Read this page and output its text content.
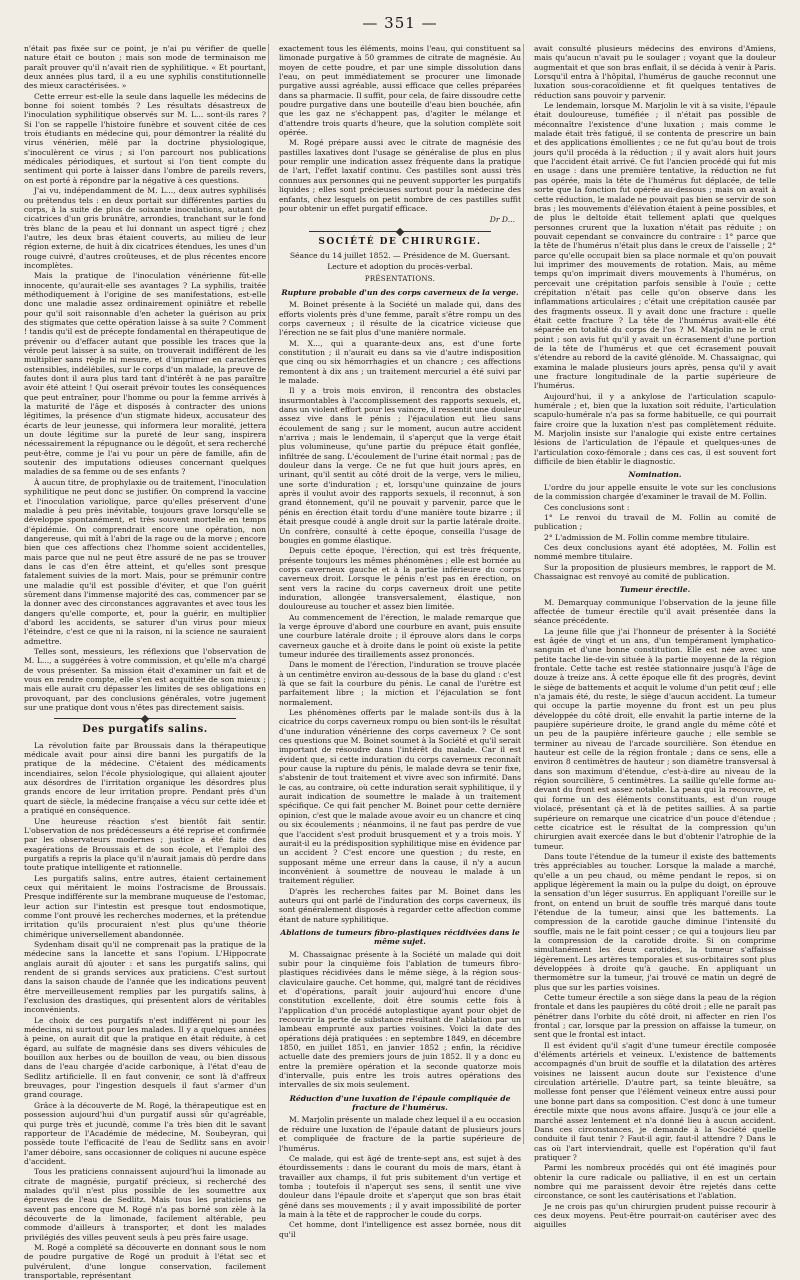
— 351 —

n'était pas fixée sur ce point, je n'ai pu vérifier de quelle nature était ce bouton ; mais son mode de terminaison me paraît prouver qu'il n'avait rien de syphilitique. « Et pourtant, deux années plus tard, il a eu une syphilis constitutionnelle des mieux caractérisées. »

Cette erreur est-elle la seule dans laquelle les médecins de bonne foi soient tombés ? Les résultats désastreux de l'inoculation syphilitique observés sur M. L... sont-ils rares ? Si l'on se rappelle l'histoire funèbre et souvent citée de ces trois étudiants en médecine qui, pour démontrer la réalité du virus vénérien, mêlé par la doctrine physiologique, s'inoculèrent ce virus ; si l'on parcourt nos publications médicales périodiques, et surtout si l'on tient compte du sentiment qui porte à laisser dans l'ombre de pareils revers, on est porté à répondre par la négative à ces questions.

J'ai vu, indépendamment de M. L..., deux autres syphilisés ou prétendus tels : en deux portait sur différentes parties du corps, à la suite de plus de soixante inoculations, autant de cicatrices d'un gris brunâtre, arrondies, tranchant sur le fond très blanc de la peau et lui donnant un aspect tigré ; chez l'autre, les deux bras étaient couverts, au milieu de leur région externe, de huit à dix cicatrices étendues, les unes d'un rouge cuivré, d'autres croûteuses, et de plus récentes encore incomplètes.

Mais la pratique de l'inoculation vénérienne fût-elle innocente, qu'aurait-elle ses avantages ? La syphilis, traitée méthodiquement à l'origine de ses manifestations, est-elle donc une maladie assez ordinairement opiniâtre et rebelle pour qu'il soit raisonnable d'en acheter la guérison au prix des stigmates que cette opération laisse à sa suite ? Comment ! tandis qu'il est de précepte fondamental en thérapeutique de prévenir ou d'effacer autant que possible les traces que la vérole peut laisser à sa suite, on trouverait indifférent de les multiplier sans règle ni mesure, et d'imprimer en caractères ostensibles, indélébiles, sur le corps d'un malade, la preuve de fautes dont il aura plus tard tant d'intérêt à ne pas paraître avoir été atteint ! Qui oserait prévoir toutes les conséquences que peut entraîner, pour l'homme ou pour la femme arrivés à la maturité de l'âge et disposés à contracter des unions légitimes, la présence d'un stigmate hideux, accusateur des écarts de leur jeunesse, qui informera leur moralité, jettera un doute légitime sur la pureté de leur sang, inspirera nécessairement la répugnance ou le dégoût, et sera recherché peut-être, comme je l'ai vu pour un père de famille, afin de soutenir des imputations odieuses concernant quelques maladies de sa femme ou de ses enfants ?

À aucun titre, de prophylaxie ou de traitement, l'inoculation syphilitique ne peut donc se justifier. On comprend la vaccine et l'inoculation variolique, parce qu'elles préservent d'une maladie à peu près inévitable, toujours grave lorsqu'elle se développe spontanément, et très souvent mortelle en temps d'épidémie. On comprendrait encore une opération, non dangereuse, qui mît à l'abri de la rage ou de la morve ; encore bien que ces affections chez l'homme soient accidentelles, mais parce que nul ne peut être assuré de ne pas se trouver dans le cas d'en être atteint, et qu'elles sont presque fatalement suivies de la mort. Mais, pour se prémunir contre une maladie qu'il est possible d'éviter, et que l'on guérit sûrement dans l'immense majorité des cas, commencer par se la donner avec des circonstances aggravantes et avec tous les dangers qu'elle comporte, et, pour la guérir, en multiplier d'abord les accidents, se saturer d'un virus pour mieux l'éteindre, c'est ce que ni la raison, ni la science ne sauraient admettre.

Telles sont, messieurs, les réflexions que l'observation de M. L..., a suggérées à votre commission, et qu'elle m'a chargé de vous présenter. Sa mission était d'examiner un fait et de vous en rendre compte, elle s'en est acquittée de son mieux ; mais elle aurait cru dépasser les limites de ses obligations en provoquant, par des conclusions générales, votre jugement sur une pratique dont vous n'êtes pas directement saisis.

Des purgatifs salins.

La révolution faite par Broussais dans la thérapeutique médicale avait pour ainsi dire banni les purgatifs de la pratique de la médecine. C'étaient des médicaments incendiaires, selon l'école physiologique, qui allaient ajouter aux désordres de l'irritation organique les désordres plus grands encore de leur irritation propre. Pendant près d'un quart de siècle, la médecine française a vécu sur cette idée et a pratiqué en conséquence.

Une heureuse réaction s'est bientôt fait sentir. L'observation de nos prédécesseurs a été reprise et confirmée par les observateurs modernes ; justice a été faite des exagérations de Broussais et de son école, et l'emploi des purgatifs a repris la place qu'il n'aurait jamais dû perdre dans toute pratique intelligente et rationnelle.

Les purgatifs salins, entre autres, étaient certainement ceux qui méritaient le moins l'ostracisme de Broussais. Presque indifférente sur la membrane muqueuse de l'estomac, leur action sur l'intestin est presque tout endosmotique, comme l'ont prouvé les recherches modernes, et la prétendue irritation qu'ils procuraient n'est plus qu'une théorie chimérique universellement abandonnée.

Sydenham disait qu'il ne comprenait pas la pratique de la médecine sans la lancette et sans l'opium. L'Hippocrate anglais aurait dû ajouter : et sans les purgatifs salins, qui rendent de si grands services aux praticiens. C'est surtout dans la saison chaude de l'année que les indications peuvent être merveilleusement remplies par les purgatifs salins, à l'exclusion des drastiques, qui présentent alors de véritables inconvénients.

Le choix de ces purgatifs n'est indifférent ni pour les médecins, ni surtout pour les malades. Il y a quelques années à peine, on aurait dit que la pratique en était réduite, à cet égard, au sulfate de magnésie dans ses divers véhicules de bouillon aux herbes ou de bouillon de veau, ou bien dissous dans de l'eau chargée d'acide carbonique, à l'état d'eau de Sedlitz artificielle. Il en faut convenir, ce sont là d'affreux breuvages, pour l'ingestion desquels il faut s'armer d'un grand courage.

Grâce à la découverte de M. Rogé, la thérapeutique est en possession aujourd'hui d'un purgatif aussi sûr qu'agréable, qui purge très et jucundè, comme l'a très bien dit le savant rapporteur de l'Académie de médecine, M. Soubeyran, qui possède toute l'efficacité de l'eau de Sedlitz sans en avoir l'amer déboire, sans occasionner de coliques ni aucune espèce d'accident.

Tous les praticiens connaissent aujourd'hui la limonade au citrate de magnésie, purgatif précieux, si recherché des malades qu'il n'est plus possible de les soumettre aux épreuves de l'eau de Sedlitz. Mais tous les praticiens ne savent pas encore que M. Rogé n'a pas borné son zèle à la découverte de la limonade, facilement altérable, peu commode d'ailleurs à transporter, et dont les malades privilégiés des villes peuvent seuls à peu près faire usage.

M. Rogé a complété sa découverte en donnant sous le nom de poudre purgative de Rogé un produit à l'état sec et pulvérulent, d'une longue conservation, facilement transportable, représentant

exactement tous les éléments, moins l'eau, qui constituent sa limonade purgative à 50 grammes de citrate de magnésie. Au moyen de cette poudre, et par une simple dissolution dans l'eau, on peut immédiatement se procurer une limonade purgative aussi agréable, aussi efficace que celles préparées dans sa pharmacie. Il suffit, pour cela, de faire dissoudre cette poudre purgative dans une bouteille d'eau bien bouchée, afin que les gaz ne s'échappent pas, d'agiter le mélange et d'attendre trois quarts d'heure, que la solution complète soit opérée.

M. Rogé prépare aussi avec le citrate de magnésie des pastilles laxatives dont l'usage se généralise de plus en plus pour remplir une indication assez fréquente dans la pratique de l'art, l'effet laxatif continu. Ces pastilles sont aussi très connues aux personnes qui ne peuvent supporter les purgatifs liquides ; elles sont précieuses surtout pour la médecine des enfants, chez lesquels on petit nombre de ces pastilles suffit pour obtenir un effet purgatif efficace.

Dr D...
SOCIÉTÉ DE CHIRURGIE.
Séance du 14 juillet 1852. — Présidence de M. Guersant.
Lecture et adoption du procès-verbal.
PRÉSENTATIONS.
Rupture probable d'un des corps caverneux de la verge.

M. Boinet présente à la Société un malade qui, dans des efforts violents près d'une femme, paraît s'être rompu un des corps caverneux ; il résulte de la cicatrice vicieuse que l'érection ne se fait plus d'une manière normale.

M. X..., qui a quarante-deux ans, est d'une forte constitution ; il n'aurait eu dans sa vie d'autre indisposition que cinq ou six hémorrhagies et un chancre ; ces affections remontent à dix ans ; un traitement mercuriel a été suivi par le malade.

Il y a trois mois environ, il rencontra des obstacles insurmontables à l'accomplissement des rapports sexuels, et, dans un violent effort pour les vaincre, il ressentit une douleur assez vive dans le pénis ; l'éjaculation eut lieu sans écoulement de sang ; sur le moment, aucun autre accident n'arriva ; mais le lendemain, il s'aperçut que la verge était plus volumineuse, qu'une partie du prépuce était gonflée, infiltrée de sang. L'écoulement de l'urine était normal ; pas de douleur dans la verge. Ce ne fut que huit jours après, en urinant, qu'il sentit au côté droit de la verge, vers le milieu, une sorte d'induration ; et, lorsqu'une quinzaine de jours après il voulut avoir des rapports sexuels, il reconnut, à son grand étonnement, qu'il ne pouvait y parvenir, parce que le pénis en érection était tordu d'une manière toute bizarre ; il était presque coudé à angle droit sur la partie latérale droite. Un confrère, consulté à cette époque, conseilla l'usage de bougies en gomme élastique.

Depuis cette époque, l'érection, qui est très fréquente, présente toujours les mêmes phénomènes ; elle est bornée au corps caverneux gauche et à la partie inférieure du corps caverneux droit. Lorsque le pénis n'est pas en érection, on sent vers la racine du corps caverneux droit une petite induration, allongée transversalement, élastique, non douloureuse au toucher et assez bien limitée.

Au commencement de l'érection, le malade remarque que la verge éprouve d'abord une courbure en avant, puis ensuite une courbure latérale droite ; il éprouve alors dans le corps caverneux gauche et à droite dans le point où existe la petite tumeur indurée des tiraillements assez prononcés.

Dans le moment de l'érection, l'induration se trouve placée à un centimètre environ au-dessous de la base du gland : c'est là que se fait la courbure du pénis. Le canal de l'urètre est parfaitement libre ; la miction et l'éjaculation se font normalement.

Les phénomènes offerts par le malade sont-ils dus à la cicatrice du corps caverneux rompu ou bien sont-ils le résultat d'une induration vénérienne des corps caverneux ? Ce sont ces questions que M. Boinet soumet à la Société et qu'il serait important de résoudre dans l'intérêt du malade. Car il est évident que, si cette induration du corps caverneux reconnaît pour cause la rupture du pénis, le malade devra se tenir fixe, s'abstenir de tout traitement et vivre avec son infirmité. Dans le cas, au contraire, où cette induration serait syphilitique, il y aurait indication de soumettre le malade à un traitement spécifique. Ce qui fait pencher M. Boinet pour cette dernière opinion, c'est que le malade avoue avoir eu un chancre et cinq ou six écoulements ; néanmoins, il ne faut pas perdre de vue que l'accident s'est produit brusquement et y a trois mois. Y aurait-il eu la prédisposition syphilitique mise en évidence par un accident ? C'est encore une question ; du reste, en supposant même une erreur dans la cause, il n'y a aucun inconvénient à soumettre de nouveau le malade à un traitement régulier.

D'après les recherches faites par M. Boinet dans les auteurs qui ont parlé de l'induration des corps caverneux, ils sont généralement disposés à regarder cette affection comme étant de nature syphilitique.

Ablations de tumeurs fibro-plastiques récidivées dans le même sujet.

M. Chassaignac présente à la Société un malade qui doit subir pour la cinquième fois l'ablation de tumeurs fibro-plastiques récidivées dans le même siège, à la région sous-claviculaire gauche. Cet homme, qui, malgré tant de récidives et d'opérations, paraît jouir aujourd'hui encore d'une constitution excellente, doit être soumis cette fois à l'application d'un procédé autoplastique ayant pour objet de recouvrir la perte de substance résultant de l'ablation par un lambeau emprunté aux parties voisines. Voici la date des opérations déjà pratiquées : en septembre 1849, en décembre 1850, en juillet 1851, en janvier 1852 ; enfin, la récidive actuelle date des premiers jours de juin 1852. Il y a donc eu entre la première opération et la seconde quatorze mois d'intervalle, puis entre les trois autres opérations des intervalles de six mois seulement.

Réduction d'une luxation de l'épaule compliquée de fracture de l'humérus.

M. Marjolin présente un malade chez lequel il a eu occasion de réduire une luxation de l'épaule datant de plusieurs jours et compliquée de fracture de la partie supérieure de l'humérus.

Ce malade, qui est âgé de trente-sept ans, est sujet à des étourdissements : dans le courant du mois de mars, étant à travailler aux champs, il fut pris subitement d'un vertige et tomba ; toutefois il n'aperçut ses sens, il sentit une vive douleur dans l'épaule droite et s'aperçut que son bras était gêné dans ses mouvements ; il y avait impossibilité de porter la main à la tête et de rapprocher le coude du corps.

Cet homme, dont l'intelligence est assez bornée, nous dit qu'il

avait consulté plusieurs médecins des environs d'Amiens, mais qu'aucun n'avait pu le soulager ; voyant que la douleur augmentait et que son bras enflait, il se décida à venir à Paris. Lorsqu'il entra à l'hôpital, l'humérus de gauche reconnut une luxation sous-coracoïdienne et fit quelques tentatives de réduction sans pouvoir y parvenir.

Le lendemain, lorsque M. Marjolin le vit à sa visite, l'épaule était douloureuse, tuméfiée ; il n'était pas possible de méconnaître l'existence d'une luxation ; mais comme le malade était très fatigué, il se contenta de prescrire un bain et des applications émollientes ; ce ne fut qu'au bout de trois jours qu'il procéda à la réduction ; il y avait alors huit jours que l'accident était arrivé. Ce fut l'ancien procédé qui fut mis en usage : dans une première tentative, la réduction ne fut pas opérée, mais la tête de l'humérus fut déplacée, de telle sorte que la fonction fut opérée au-dessous ; mais on avait à cette réduction, le malade ne pouvait pas bien se servir de son bras ; les mouvements d'élévation étaient à peine possibles, et de plus le deltoïde était tellement aplati que quelques personnes crurent que la luxation n'était pas réduite ; on pouvait cependant se convaincre du contraire : 1° parce que la tête de l'humérus n'était plus dans le creux de l'aisselle ; 2° parce qu'elle occupait bien sa place normale et qu'on pouvait lui imprimer des mouvements de rotation. Mais, au même temps qu'on imprimait divers mouvements à l'humérus, on percevait une crépitation parfois sensible à l'ouïe ; cette crépitation n'était pas celle qu'on observe dans les inflammations articulaires ; c'était une crépitation causée par des fragments osseux. Il y avait donc une fracture : quelle était cette fracture ? La tête de l'humérus avait-elle été séparée en totalité du corps de l'os ? M. Marjolin ne le crut point ; son avis fut qu'il y avait un écrasement d'une portion de la tête de l'humérus et que cet écrasement pouvait s'étendre au rebord de la cavité glénoïde. M. Chassaignac, qui examina le malade plusieurs jours après, pensa qu'il y avait une fracture longitudinale de la partie supérieure de l'humérus.

Aujourd'hui, il y a ankylose de l'articulation scapulo-humérale ; et, bien que la luxation soit réduite, l'articulation scapulo-humérale n'a pas sa forme habituelle, ce qui pourrait faire croire que la luxation n'est pas complètement réduite. M. Marjolin insiste sur l'analogie qui existe entre certaines lésions de l'articulation de l'épaule et quelques-unes de l'articulation coxo-fémorale ; dans ces cas, il est souvent fort difficile de bien établir le diagnostic.

Nomination.

L'ordre du jour appelle ensuite le vote sur les conclusions de la commission chargée d'examiner le travail de M. Follin.

Ces conclusions sont :

1° Le renvoi du travail de M. Follin au comité de publication ;

2° L'admission de M. Follin comme membre titulaire.

Ces deux conclusions ayant été adoptées, M. Follin est nommé membre titulaire.

Sur la proposition de plusieurs membres, le rapport de M. Chassaignac est renvoyé au comité de publication.

Tumeur érectile.

M. Demarquay communique l'observation de la jeune fille affectée de tumeur érectile qu'il avait présentée dans la séance précédente.

La jeune fille que j'ai l'honneur de présenter à la Société est âgée de vingt et un ans, d'un tempérament lymphatico-sanguin et d'une bonne constitution. Elle est née avec une petite tache lie-de-vin située à la partie moyenne de la région frontale. Cette tache est restée stationnaire jusqu'à l'âge de douze à treize ans. À cette époque elle fit des progrès, devint le siège de battements et acquit le volume d'un petit œuf ; elle n'a jamais été, du reste, le siège d'aucun accident. La tumeur qui occupe la partie moyenne du front est un peu plus développée du côté droit, elle envahit la partie interne de la paupière supérieure droite, le grand angle du même côté et un peu de la paupière inférieure gauche ; elle semble se terminer au niveau de l'arcade sourcilière. Son étendue en hauteur est celle de la région frontale ; dans ce sens, elle a environ 8 centimètres de hauteur ; son diamètre transversal à dans son maximum d'étendue, c'est-à-dire au niveau de la région sourcilière, 5 centimètres. La saillie qu'elle forme au-devant du front est assez notable. La peau qui la recouvre, et qui forme un des éléments constituants, est d'un rouge violacé, présentant çà et là de petites saillies. À sa partie supérieure on remarque une cicatrice d'un pouce d'étendue ; cette cicatrice est le résultat de la compression qu'un chirurgien avait exercée dans le but d'obtenir l'atrophie de la tumeur.

Dans toute l'étendue de la tumeur il existe des battements très appréciables au toucher. Lorsque la malade a marché, qu'elle a un peu chaud, ou même pendant le repos, si on applique légèrement la main ou la pulpe du doigt, on éprouve la sensation d'un léger susurrus. En appliquant l'oreille sur le front, on entend un bruit de souffle très marqué dans toute l'étendue de la tumeur, ainsi que les battements. La compression de la carotide gauche diminue l'intensité du souffle, mais ne le fait point cesser ; ce qui a toujours lieu par la compression de la carotide droite. Si on comprime simultanément les deux carotides, la tumeur s'affaisse légèrement. Les artères temporales et sus-orbitaires sont plus développées à droite qu'à gauche. En appliquant un thermomètre sur la tumeur, j'ai trouvé ce matin un degré de plus que sur les parties voisines.

Cette tumeur érectile a son siège dans la peau de la région frontale et dans les paupières du côté droit ; elle ne paraît pas pénétrer dans l'orbite du côté droit, ni affecter en rien l'os frontal ; car, lorsque par la pression on affaisse la tumeur, on sent que le frontal est intact.

Il est évident qu'il s'agit d'une tumeur érectile composée d'éléments artériels et veineux. L'existence de battements accompagnés d'un bruit de souffle et la dilatation des artères voisines ne laissent aucun doute sur l'existence d'une circulation artérielle. D'autre part, sa teinte bleuâtre, sa mollesse font penser que l'élément veineux entre aussi pour une bonne part dans sa composition. C'est donc à une tumeur érectile mixte que nous avons affaire. Jusqu'à ce jour elle a marché assez lentement et n'a donné lieu à aucun accident. Dans ces circonstances, je demande à la Société quelle conduite il faut tenir ? Faut-il agir, faut-il attendre ? Dans le cas où l'art interviendrait, quelle est l'opération qu'il faut pratiquer ?

Parmi les nombreux procédés qui ont été imaginés pour obtenir la cure radicale ou palliative, il en est un certain nombre qui me paraissent devoir être rejetés dans cette circonstance, ce sont les cautérisations et l'ablation.

Je ne crois pas qu'un chirurgien prudent puisse recourir à ces deux moyens. Peut-être pourrait-on cautériser avec des aiguilles
